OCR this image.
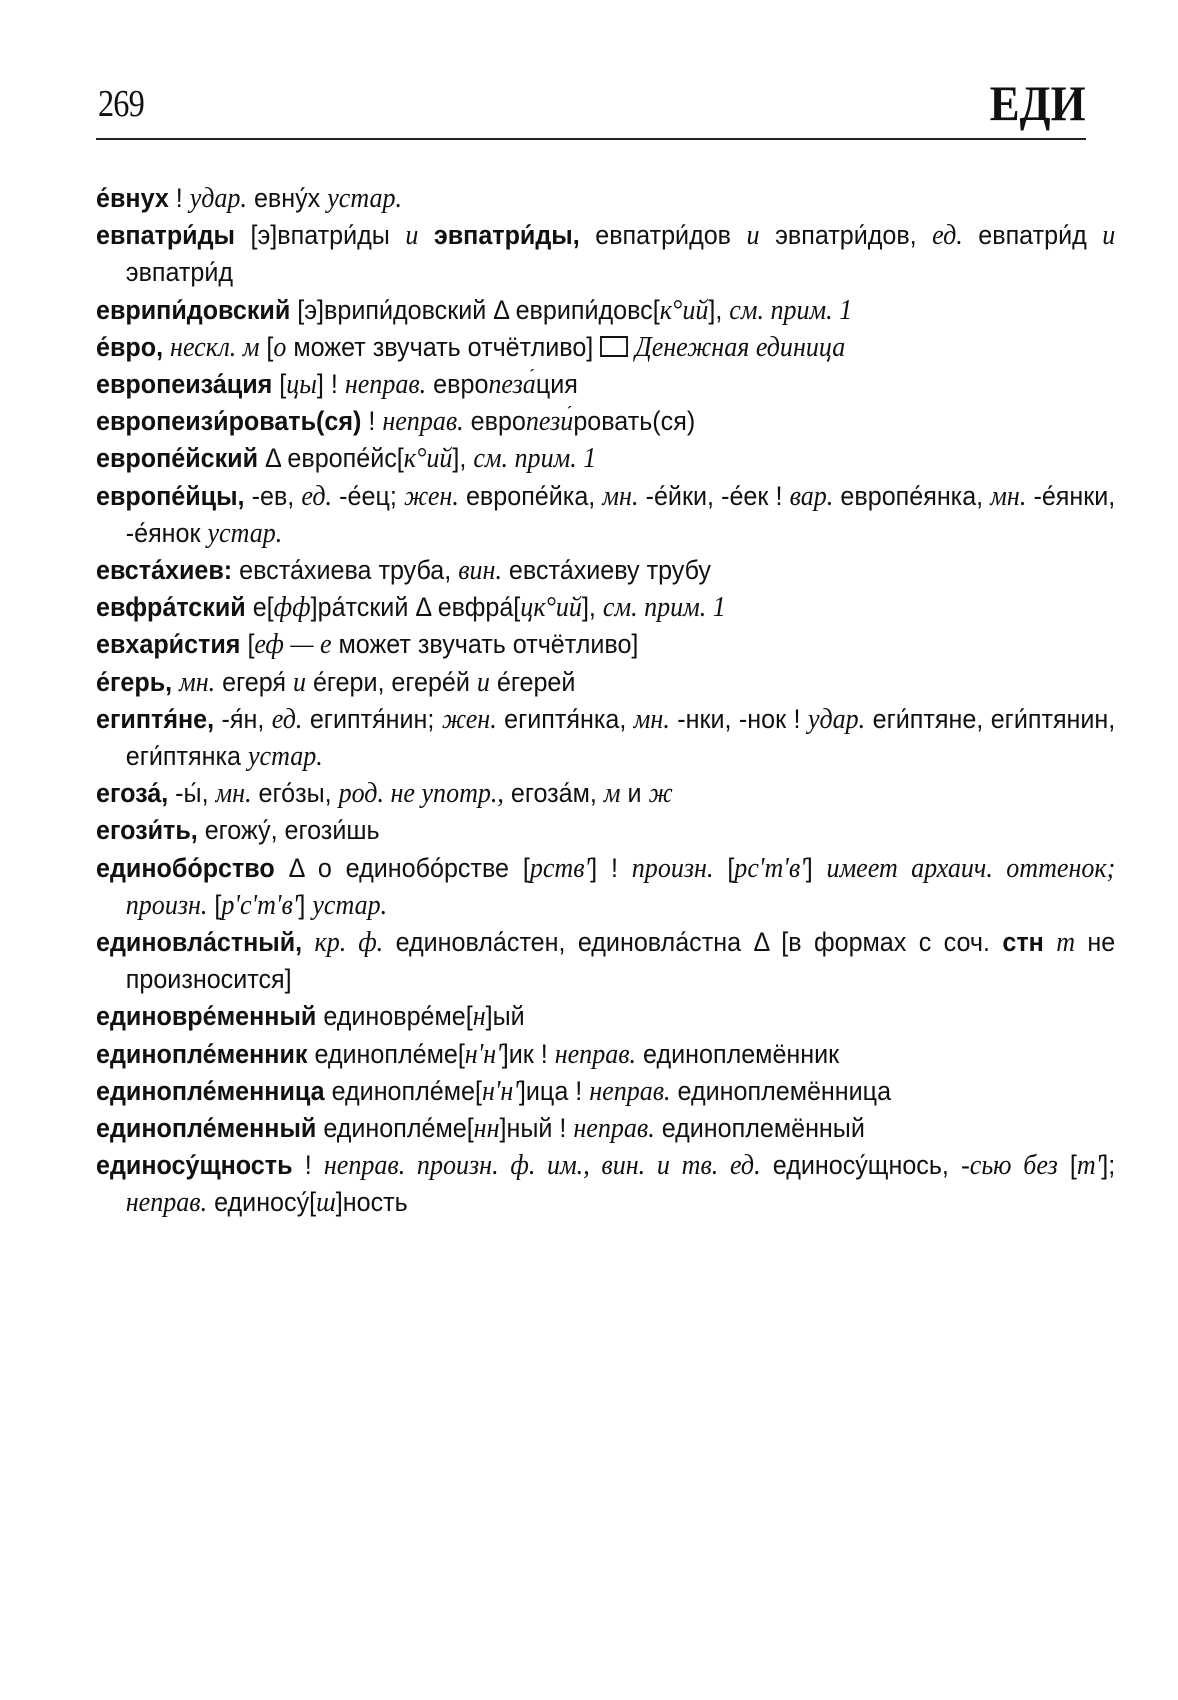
269	ЕДИ
е́внух ! удар. евну́х устар.
евпатри́ды [э]впатри́ды и эвпатри́ды, евпатри́дов и эвпатри́дов, ед. евпатри́д и эвпатри́д
еврипи́довский [э]врипи́довский Δ еврипи́довс[к°ий], см. прим. 1
е́вро, нескл. м [о может звучать отчётливо]  Денежная единица
европеиза́ция [цы] ! неправ. европеза́ция
европеизи́ровать(ся) ! неправ. европези́ровать(ся)
европе́йский Δ европе́йс[к°ий], см. прим. 1
европе́йцы, -ев, ед. -е́ец; жен. европе́йка, мн. -е́йки, -е́ек ! вар. европе́янка, мн. -е́янки, -е́янок устар.
евста́хиев: евста́хиева труба, вин. евста́хиеву трубу
евфра́тский е[фф]ра́тский Δ евфра́[цк°ий], см. прим. 1
евхари́стия [еф — е может звучать отчётливо]
е́герь, мн. егеря́ и е́гери, егере́й и е́герей
египтя́не, -я́н, ед. египтя́нин; жен. египтя́нка, мн. -нки, -нок ! удар. еги́птяне, еги́птянин, еги́птянка устар.
егоза́, -ы́, мн. его́зы, род. не употр., егоза́м, м и ж
егози́ть, егожу́, егози́шь
единобо́рство Δ о единобо́рстве [рств'] ! произн. [рс'т'в'] имеет архаич. оттенок; произн. [р'с'т'в'] устар.
единовла́стный, кр. ф. единовла́стен, единовла́стна Δ [в формах с соч. стн т не произносится]
единовре́менный единовре́ме[н]ый
единопле́менник единопле́ме[н'н']ик ! неправ. единоплемённик
единопле́менница единопле́ме[н'н']ица ! неправ. единоплемённица
единопле́менный единопле́ме[нн]ный ! неправ. единоплемённый
единосу́щность ! неправ. произн. ф. им., вин. и тв. ед. единосу́щнось, -сью без [т']; неправ. единосу́[ш]ность
